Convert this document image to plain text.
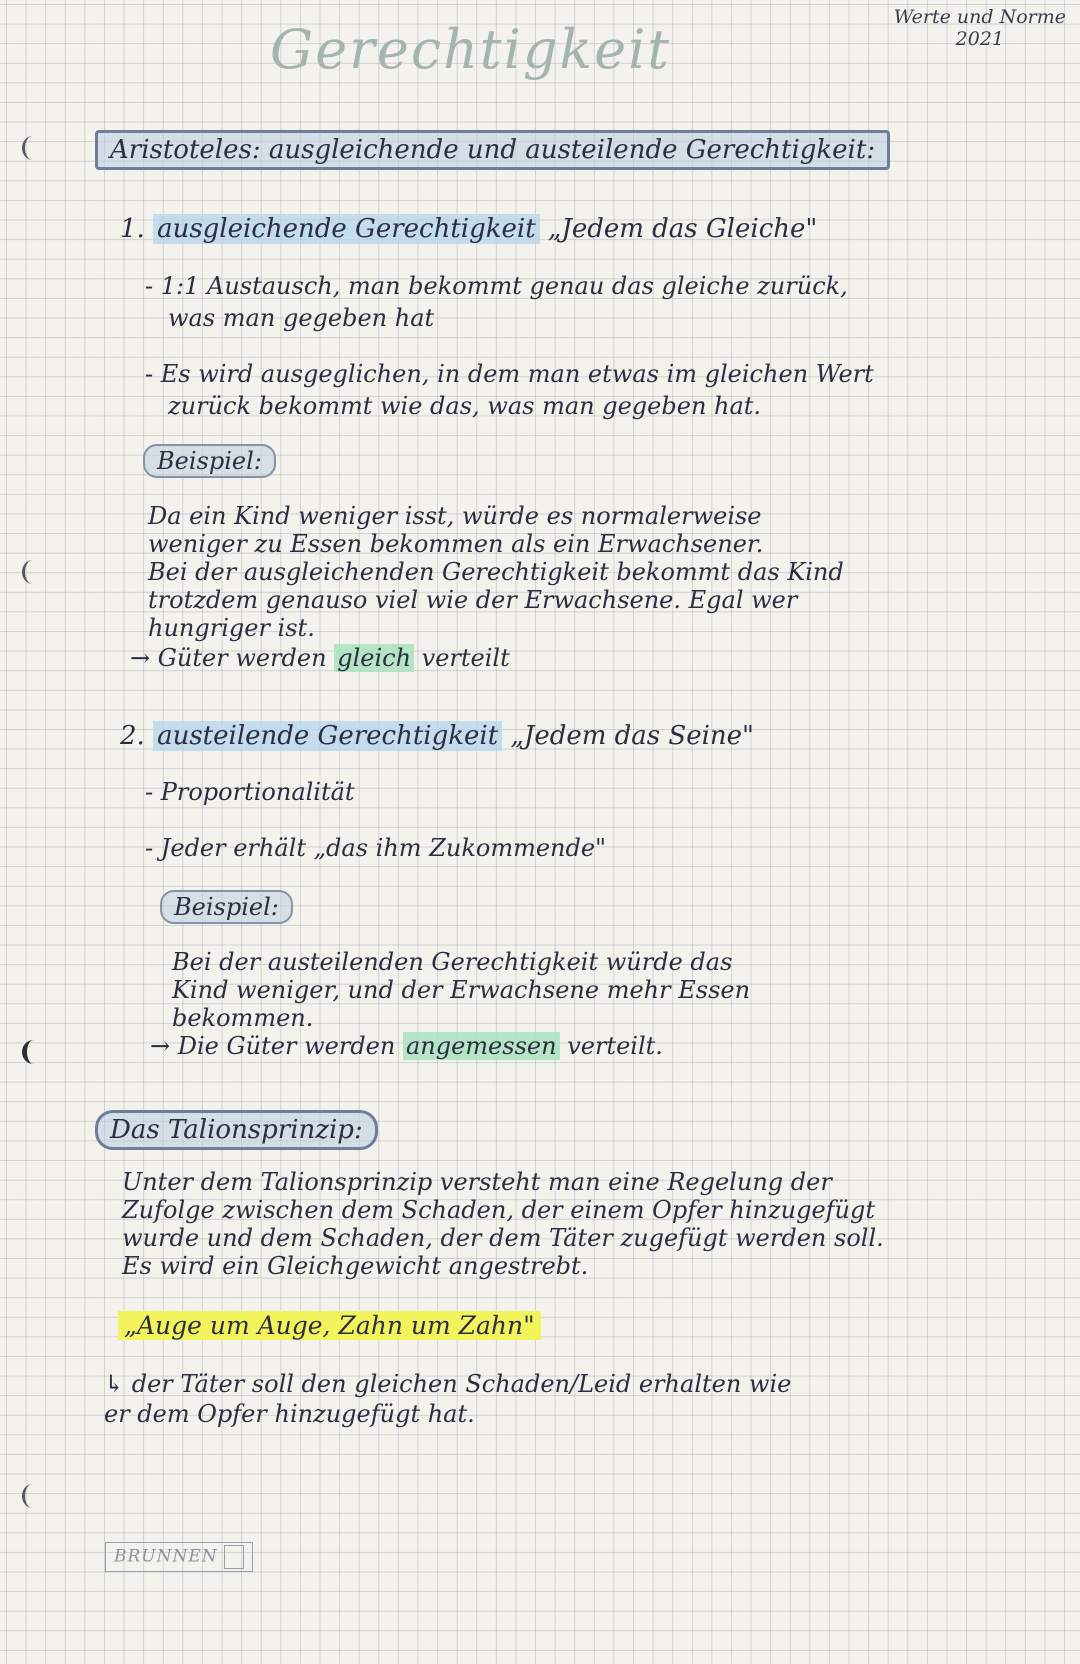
Werte und Norme
2021
Gerechtigkeit
Aristoteles: ausgleichende und austeilende Gerechtigkeit:
1. ausgleichende Gerechtigkeit „Jedem das Gleiche"
- 1:1 Austausch, man bekommt genau das gleiche zurück,
was man gegeben hat
- Es wird ausgeglichen, in dem man etwas im gleichen Wert
zurück bekommt wie das, was man gegeben hat.
Beispiel:
Da ein Kind weniger isst, würde es normalerweise
weniger zu Essen bekommen als ein Erwachsener.
Bei der ausgleichenden Gerechtigkeit bekommt das Kind
trotzdem genauso viel wie der Erwachsene. Egal wer
hungriger ist.
→ Güter werden gleich verteilt
2. austeilende Gerechtigkeit „Jedem das Seine"
- Proportionalität
- Jeder erhält „das ihm Zukommende"
Beispiel:
Bei der austeilenden Gerechtigkeit würde das
Kind weniger, und der Erwachsene mehr Essen
bekommen.
→ Die Güter werden angemessen verteilt.
Das Talionsprinzip:
Unter dem Talionsprinzip versteht man eine Regelung der
Zufolge zwischen dem Schaden, der einem Opfer hinzugefügt
wurde und dem Schaden, der dem Täter zugefügt werden soll.
Es wird ein Gleichgewicht angestrebt.
„Auge um Auge, Zahn um Zahn"
↳ der Täter soll den gleichen Schaden/Leid erhalten wie
er dem Opfer hinzugefügt hat.
BRUNNEN
